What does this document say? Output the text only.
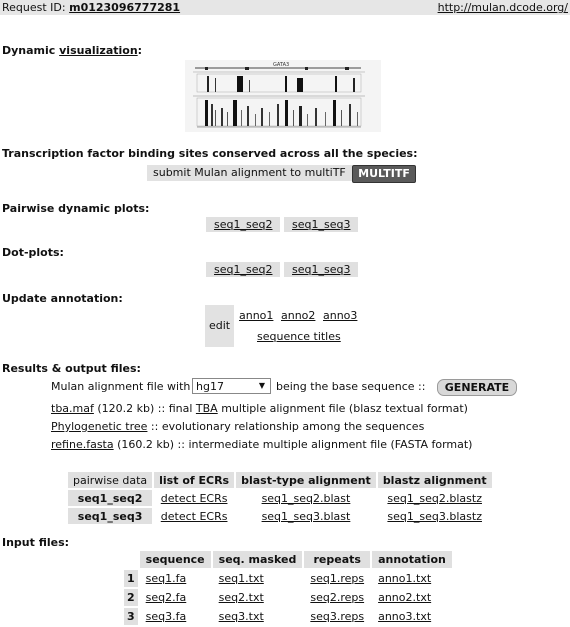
Request ID: m0123096777281	http://mulan.dcode.org/
Dynamic visualization:
GATA3
Transcription factor binding sites conserved across all the species:
submit Mulan alignment to multiTF	MULTITF
Pairwise dynamic plots:
seq1_seq2	seq1_seq3
Dot-plots:
seq1_seq2	seq1_seq3
Update annotation:
edit
anno1 anno2 anno3
sequence titles
Results & output files:
Mulan alignment file with hg17	▼ being the base sequence ::	GENERATE
tba.maf (120.2 kb) :: final TBA multiple alignment file (blasz textual format)
Phylogenetic tree :: evolutionary relationship among the sequences
refine.fasta (160.2 kb) :: intermediate multiple alignment file (FASTA format)
pairwise data	list of ECRs	blast-type alignment	blastz alignment
seq1_seq2	detect ECRs	seq1_seq2.blast	seq1_seq2.blastz
seq1_seq3	detect ECRs	seq1_seq3.blast	seq1_seq3.blastz
Input files:
	sequence	seq. masked	repeats	annotation
1	seq1.fa	seq1.txt	seq1.reps	anno1.txt
2	seq2.fa	seq2.txt	seq2.reps	anno2.txt
3	seq3.fa	seq3.txt	seq3.reps	anno3.txt
